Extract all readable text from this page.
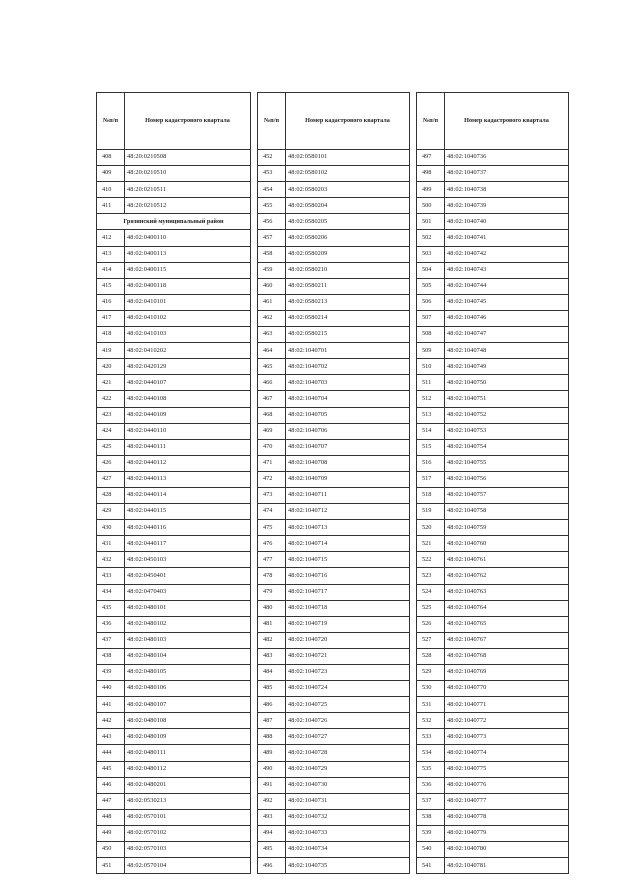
№п/п	Номер кадастрового квартала
408	48:20:0210508
409	48:20:0210510
410	48:20:0210511
411	48:20:0210512
Грязинский муниципальный район	
412	48:02:0400110
413	48:02:0400113
414	48:02:0400115
415	48:02:0400118
416	48:02:0410101
417	48:02:0410102
418	48:02:0410103
419	48:02:0410202
420	48:02:0420129
421	48:02:0440107
422	48:02:0440108
423	48:02:0440109
424	48:02:0440110
425	48:02:0440111
426	48:02:0440112
427	48:02:0440113
428	48:02:0440114
429	48:02:0440115
430	48:02:0440116
431	48:02:0440117
432	48:02:0450103
433	48:02:0450401
434	48:02:0470403
435	48:02:0480101
436	48:02:0480102
437	48:02:0480103
438	48:02:0480104
439	48:02:0480105
440	48:02:0480106
441	48:02:0480107
442	48:02:0480108
443	48:02:0480109
444	48:02:0480111
445	48:02:0480112
446	48:02:0480201
447	48:02:0530213
448	48:02:0570101
449	48:02:0570102
450	48:02:0570103
451	48:02:0570104
№п/п	Номер кадастрового квартала
452	48:02:0580101
453	48:02:0580102
454	48:02:0580203
455	48:02:0580204
456	48:02:0580205
457	48:02:0580206
458	48:02:0580209
459	48:02:0580210
460	48:02:0580211
461	48:02:0580213
462	48:02:0580214
463	48:02:0580215
464	48:02:1040701
465	48:02:1040702
466	48:02:1040703
467	48:02:1040704
468	48:02:1040705
469	48:02:1040706
470	48:02:1040707
471	48:02:1040708
472	48:02:1040709
473	48:02:1040711
474	48:02:1040712
475	48:02:1040713
476	48:02:1040714
477	48:02:1040715
478	48:02:1040716
479	48:02:1040717
480	48:02:1040718
481	48:02:1040719
482	48:02:1040720
483	48:02:1040721
484	48:02:1040723
485	48:02:1040724
486	48:02:1040725
487	48:02:1040726
488	48:02:1040727
489	48:02:1040728
490	48:02:1040729
491	48:02:1040730
492	48:02:1040731
493	48:02:1040732
494	48:02:1040733
495	48:02:1040734
496	48:02:1040735
№п/п	Номер кадастрового квартала
497	48:02:1040736
498	48:02:1040737
499	48:02:1040738
500	48:02:1040739
501	48:02:1040740
502	48:02:1040741
503	48:02:1040742
504	48:02:1040743
505	48:02:1040744
506	48:02:1040745
507	48:02:1040746
508	48:02:1040747
509	48:02:1040748
510	48:02:1040749
511	48:02:1040750
512	48:02:1040751
513	48:02:1040752
514	48:02:1040753
515	48:02:1040754
516	48:02:1040755
517	48:02:1040756
518	48:02:1040757
519	48:02:1040758
520	48:02:1040759
521	48:02:1040760
522	48:02:1040761
523	48:02:1040762
524	48:02:1040763
525	48:02:1040764
526	48:02:1040765
527	48:02:1040767
528	48:02:1040768
529	48:02:1040769
530	48:02:1040770
531	48:02:1040771
532	48:02:1040772
533	48:02:1040773
534	48:02:1040774
535	48:02:1040775
536	48:02:1040776
537	48:02:1040777
538	48:02:1040778
539	48:02:1040779
540	48:02:1040780
541	48:02:1040781
